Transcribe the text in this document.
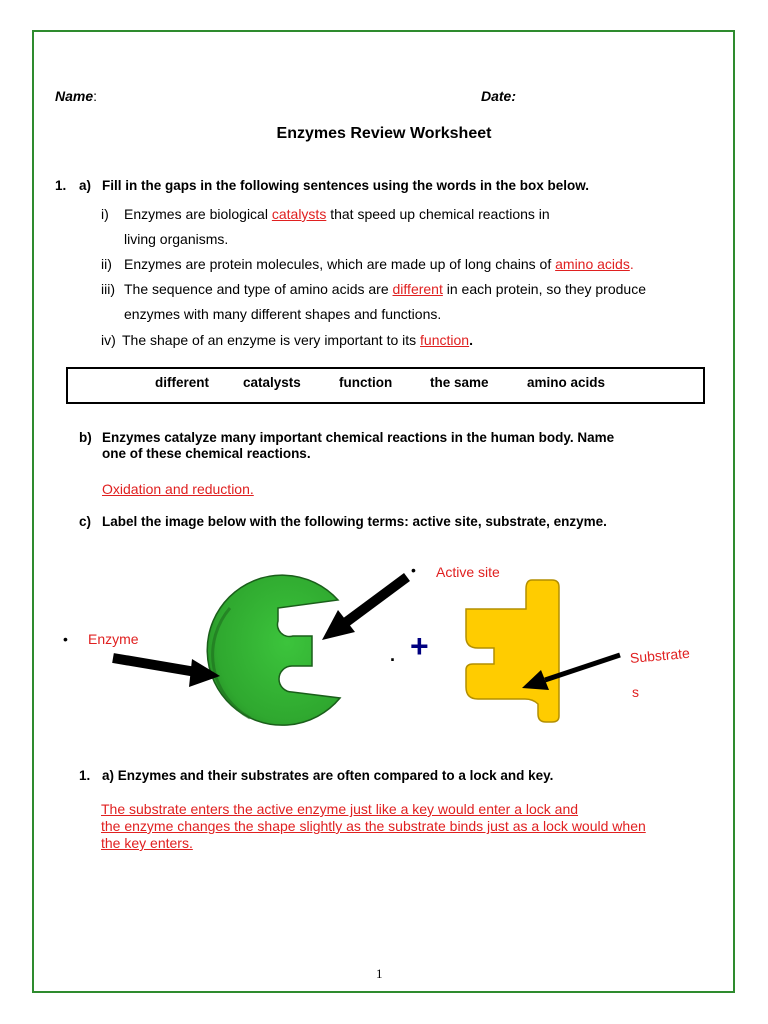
Name:	Date:
Enzymes Review Worksheet
1. a) Fill in the gaps in the following sentences using the words in the box below.
i) Enzymes are biological catalysts that speed up chemical reactions in
living organisms.
ii) Enzymes are protein molecules, which are made up of long chains of amino acids.
iii) The sequence and type of amino acids are different in each protein, so they produce
enzymes with many different shapes and functions.
iv) The shape of an enzyme is very important to its function.
different	catalysts	function	the same	amino acids
b) Enzymes catalyze many important chemical reactions in the human body. Name
one of these chemical reactions.
Oxidation and reduction.
c) Label the image below with the following terms: active site, substrate, enzyme.
• Active site
• Enzyme
Substrate
s
+
.
1. a) Enzymes and their substrates are often compared to a lock and key.
The substrate enters the active enzyme just like a key would enter a lock and
the enzyme changes the shape slightly as the substrate binds just as a lock would when
the key enters.
1
